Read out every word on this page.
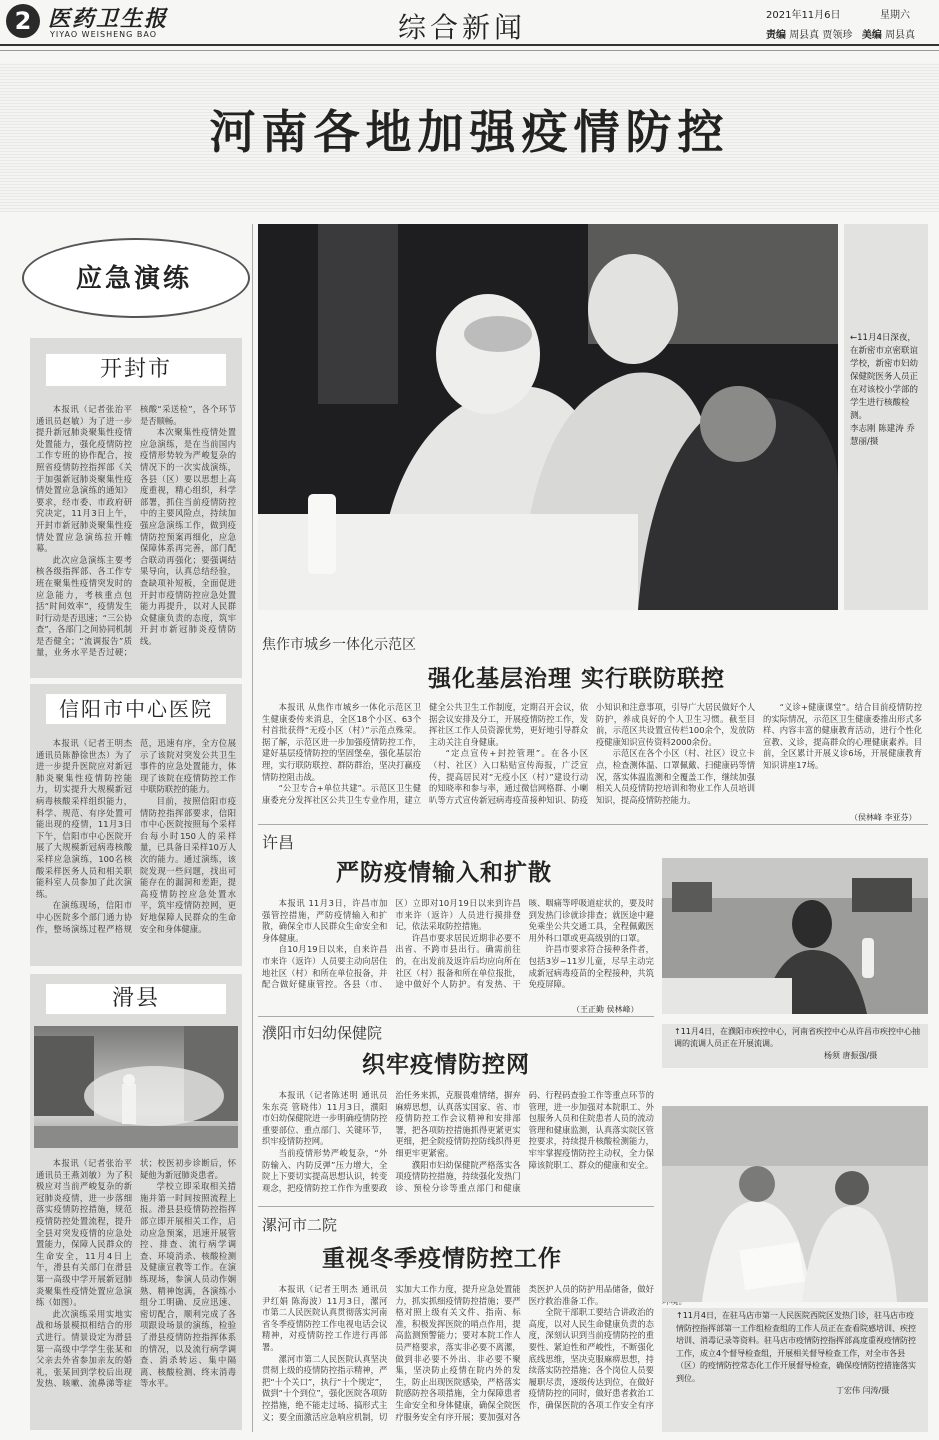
2 医药卫生报
YIYAO WEISHENG BAO	综合新闻	2021年11月6日	星期六
责编 周县真 贾领珍 美编 周县真
河南各地加强疫情防控
应急演练
开封市

本报讯（记者张治平 通讯员赵敏）为了进一步提升新冠肺炎聚集性疫情处置能力，强化疫情防控工作专班的协作配合，按照省疫情防控指挥部《关于加强新冠肺炎聚集性疫情处置应急演练的通知》要求，经市委、市政府研究决定，11月3日上午，开封市新冠肺炎聚集性疫情处置应急演练拉开帷幕。

此次应急演练主要考核各级指挥部、各工作专班在聚集性疫情突发时的应急能力，考核重点包括“时间效率”，疫情发生时行动是否迅速；“三公协查”，各部门之间协同机制是否健全；“流调报告”质量，业务水平是否过硬；核酸“采送检”，各个环节是否顺畅。

本次聚集性疫情处置应急演练，是在当前国内疫情形势较为严峻复杂的情况下的一次实战演练，各县（区）要以思想上高度重视，精心组织，科学部署，抓住当前疫情防控中的主要风险点，持续加强应急演练工作，做到疫情防控预案再细化，应急保障体系再完善，部门配合联动再强化；要强调结果导向，认真总结经验，查缺项补短板，全面促进开封市疫情防控应急处置能力再提升，以对人民群众健康负责的态度，筑牢开封市新冠肺炎疫情防线。

信阳市中心医院

本报讯（记者王明杰 通讯员陈静徐世杰）为了进一步提升医院应对新冠肺炎聚集性疫情防控能力，切实提升大规模新冠病毒核酸采样组织能力，科学、规范、有序处置可能出现的疫情，11月3日下午，信阳市中心医院开展了大规模新冠病毒核酸采样应急演练，100名核酸采样医务人员和相关职能科室人员参加了此次演练。

在演练现场，信阳市中心医院多个部门通力协作，整场演练过程严格规范，迅速有序，全方位展示了该院对突发公共卫生事件的应急处置能力，体现了该院在疫情防控工作中联防联控的能力。

目前，按照信阳市疫情防控指挥部要求，信阳市中心医院按照每个采样台每小时150人的采样量，已具备日采样10万人次的能力。通过演练，该院发现一些问题，找出可能存在的漏洞和差距，提高疫情防控应急处置水平，筑牢疫情防控网，更好地保障人民群众的生命安全和身体健康。

滑县

本报讯（记者张治平 通讯员王燕刘敏）为了积极应对当前严峻复杂的新冠肺炎疫情，进一步落细落实疫情防控措施，规范疫情防控处置流程，提升全县对突发疫情的应急处置能力，保障人民群众的生命安全，11月4日上午，滑县有关部门在滑县第一高级中学开展新冠肺炎聚集性疫情处置应急演练（如图）。

此次演练采用实地实战和场景模拟相结合的形式进行。情景设定为滑县第一高级中学学生张某和父亲去外省参加亲友的婚礼，张某回到学校后出现发热、咳嗽、流鼻涕等症状；校医初步诊断后，怀疑他为新冠肺炎患者。

学校立即采取相关措施并第一时间按照流程上报。滑县县疫情防控指挥部立即开展相关工作，启动应急预案，迅速开展管控、排查、流行病学调查、环境消杀、核酸检测及健康宣教等工作。在演练现场，参演人员动作娴熟、精神饱满，各演练小组分工明确、反应迅速、密切配合，顺利完成了各项跟设场景的演练，检验了滑县疫情防控指挥体系的情况，以及流行病学调查、消杀转运、集中隔离、核酸检测、终末消毒等水平。

←11月4日深夜，在新密市京密联谊学校，新密市妇幼保健院医务人员正在对该校小学部的学生进行核酸检测。
李志刚 陈建涛 乔慧丽/摄
焦作市城乡一体化示范区
强化基层治理 实行联防联控

本报讯 从焦作市城乡一体化示范区卫生健康委传来消息，全区18个小区、63个村首批获得“无疫小区（村）”示范点殊荣。据了解，示范区进一步加强疫情防控工作，建好基层疫情防控的坚固堡垒，强化基层治理，实行联防联控、群防群治，坚决打赢疫情防控阻击战。

“公卫专合+单位共建”。示范区卫生健康委充分发挥社区公共卫生专业作用，建立健全公共卫生工作制度，定期召开会议，依据会议安排及分工，开展疫情防控工作，发挥社区工作人员资源优势，更好地引导群众主动关注自身健康。

“定点宣传+封控管理”。在各小区（村、社区）入口粘贴宣传海报，广泛宣传，提高居民对“无疫小区（村）”建设行动的知晓率和参与率，通过微信网格群、小喇叭等方式宣传新冠病毒疫苗接种知识、防疫小知识和注意事项，引导广大居民做好个人防护，养成良好的个人卫生习惯。截至目前，示范区共设置宣传栏100余个，发放防疫健康知识宣传资料2000余份。

示范区在各个小区（村、社区）设立卡点，检查测体温、口罩佩戴、扫健康码等情况，落实体温监测和全覆盖工作，继续加强相关人员疫情防控培训和物业工作人员培训知识，提高疫情防控能力。

“义诊+健康课堂”。结合目前疫情防控的实际情况，示范区卫生健康委推出形式多样、内容丰富的健康教育活动，进行个性化宣教、义诊，提高群众的心理健康素养。目前，全区累计开展义诊6场，开展健康教育知识讲座17场。

（侯林峰 李亚芬）
许昌
严防疫情输入和扩散

本报讯 11月3日，许昌市加强管控措施，严防疫情输入和扩散，确保全市人民群众生命安全和身体健康。

自10月19日以来，自来许昌市来许（返许）人员要主动向居住地社区（村）和所在单位报备，并配合做好健康管控。各县（市、区）立即对10月19日以来到许昌市来许（返许）人员进行摸排登记，依法采取防控措施。

许昌市要求居民近期非必要不出省、不跨市县出行。确需前往的，在出发前及返许后均应向所在社区（村）报备和所在单位报批，途中做好个人防护。有发热、干咳、咽痛等呼吸道症状的，要及时到发热门诊就诊排查；就医途中避免乘坐公共交通工具，全程佩戴医用外科口罩或更高级别的口罩。

许昌市要求符合接种条件者，包括3岁~11岁儿童，尽早主动完成新冠病毒疫苗的全程接种，共筑免疫屏障。

（王正勤 侯林峰）
↑11月4日，在濮阳市疾控中心，河南省疾控中心从许昌市疾控中心抽调的流调人员正在开展流调。
杨须 唐振强/摄
濮阳市妇幼保健院
织牢疫情防控网

本报讯（记者陈述明 通讯员朱东亮 管晓伟）11月3日，濮阳市妇幼保健院进一步明确疫情防控重要部位、重点部门、关键环节，织牢疫情防控网。

当前疫情形势严峻复杂，“外防输入、内防反弹”压力增大，全院上下要切实提高思想认识，转变观念，把疫情防控工作作为重要政治任务来抓，克服畏难情绪，摒弃麻痹思想，认真落实国家、省、市疫情防控工作会议精神和安排部署，把各项防控措施抓得更紧更实更细，把全院疫情防控防线织得更细更牢更紧密。

濮阳市妇幼保健院严格落实各项疫情防控措施，持续强化发热门诊、预检分诊等重点部门和健康码、行程码查验工作等重点环节的管理，进一步加强对本院职工、外包服务人员和住院患者人员的流动管理和健康监测，认真落实院区管控要求，持续提升核酸检测能力，牢牢掌握疫情防控主动权，全力保障该院职工、群众的健康和安全。

漯河市二院
重视冬季疫情防控工作

本报讯（记者王明杰 通讯员尹红娟 陈海波）11月3日，漯河市第二人民医院认真贯彻落实河南省冬季疫情防控工作电视电话会议精神，对疫情防控工作进行再部署。

漯河市第二人民医院认真坚决贯彻上级的疫情防控指示精神，严把“十个关口”，执行“十个规定”，做到“十个到位”，强化医院各项防控措施，绝不能走过场、搞形式主义；要全面激活应急响应机制，切实加大工作力度，提升应急处置能力，抓实抓细疫情防控措施；要严格对照上级有关文件、指南、标准，积极发挥医院的哨点作用，提高监测预警能力；要对本院工作人员严格要求，落实非必要不离漯，做到非必要不外出、非必要不聚集，坚决防止疫情在院内外的发生，防止出现医院感染，严格落实院感防控各项措施，全力保障患者生命安全和身体健康，确保全院医疗服务安全有序开展；要加强对各类医护人员的防护用品储备，做好医疗救治准备工作。

全院干部职工要结合讲政治的高度，以对人民生命健康负责的态度，深刻认识到当前疫情防控的重要性、紧迫性和严峻性，不断强化底线思维，坚决克服麻痹思想，持续落实防控措施；各个岗位人员要履职尽责，逐级传达到位，在做好疫情防控的同时，做好患者救治工作，确保医院的各项工作安全有序

↑11月4日，在驻马店市第一人民医院西院区发热门诊，驻马店市疫情防控指挥部第一工作组检查组的工作人员正在查看院感培训、疾控培训、消毒记录等资料。驻马店市疫情防控指挥部高度重视疫情防控工作，成立4个督导检查组，开展相关督导检查工作，对全市各县（区）的疫情防控常态化工作开展督导检查，确保疫情防控措施落实到位。
丁宏伟 闫涛/摄
